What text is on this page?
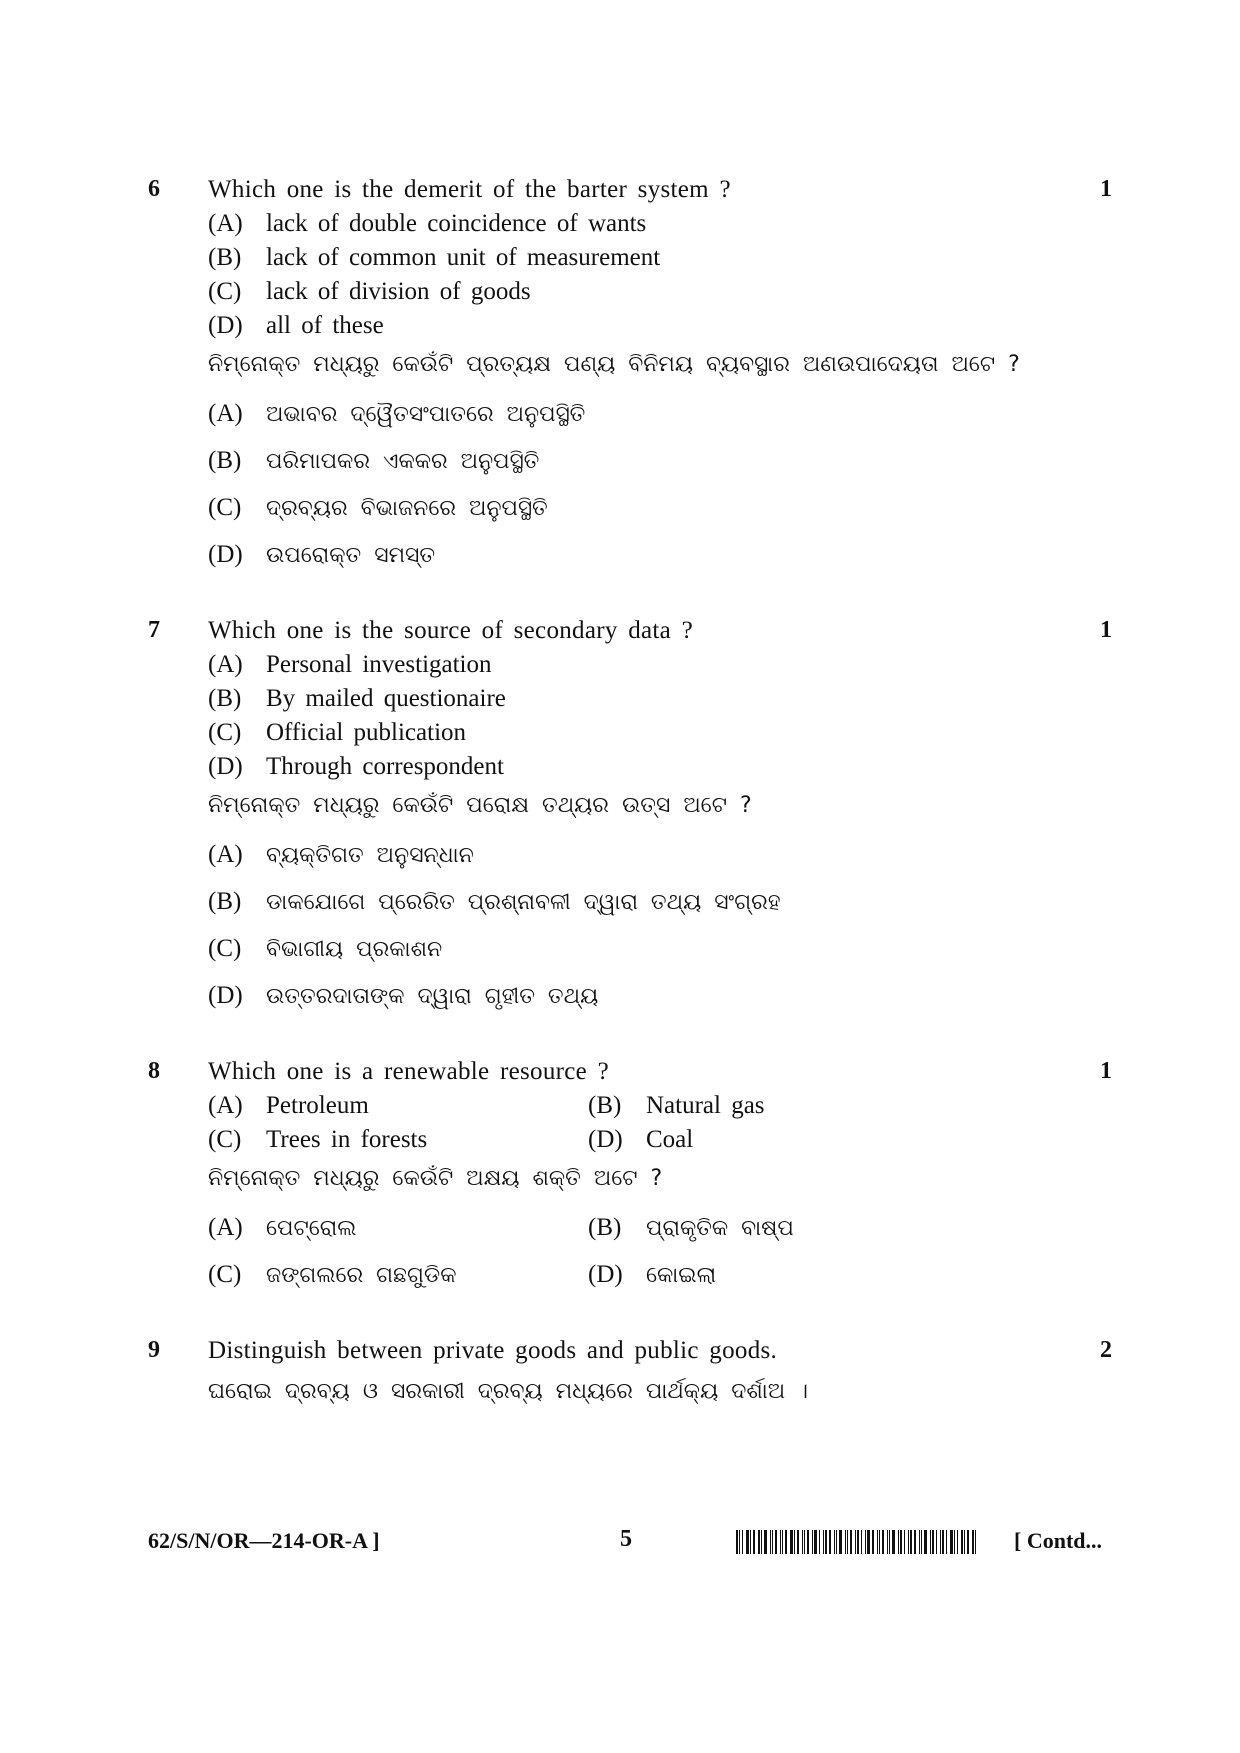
6 Which one is the demerit of the barter system ?	1
(A) lack of double coincidence of wants
(B) lack of common unit of measurement
(C) lack of division of goods
(D) all of these
ନିମ୍ନୋକ୍ତ ମଧ୍ୟରୁ କେଉଁଟି ପ୍ରତ୍ୟକ୍ଷ ପଣ୍ୟ ବିନିମୟ ବ୍ୟବସ୍ଥାର ଅଣଉପାଦେୟତା ଅଟେ ?
(A) ଅଭାବର ଦ୍ୱୈତସଂପାତରେ ଅନୁପସ୍ଥିତି
(B) ପରିମାପକର ଏକକର ଅନୁପସ୍ଥିତି
(C) ଦ୍ରବ୍ୟର ବିଭାଜନରେ ଅନୁପସ୍ଥିତି
(D) ଉପରୋକ୍ତ ସମସ୍ତ
7 Which one is the source of secondary data ?	1
(A) Personal investigation
(B) By mailed questionaire
(C) Official publication
(D) Through correspondent
ନିମ୍ନୋକ୍ତ ମଧ୍ୟରୁ କେଉଁଟି ପରୋକ୍ଷ ତଥ୍ୟର ଉତ୍ସ ଅଟେ ?
(A) ବ୍ୟକ୍ତିଗତ ଅନୁସନ୍ଧାନ
(B) ଡାକଯୋଗେ ପ୍ରେରିତ ପ୍ରଶ୍ନାବଳୀ ଦ୍ୱାରା ତଥ୍ୟ ସଂଗ୍ରହ
(C) ବିଭାଗୀୟ ପ୍ରକାଶନ
(D) ଉତ୍ତରଦାତାଙ୍କ ଦ୍ୱାରା ଗୃହୀତ ତଥ୍ୟ
8 Which one is a renewable resource ?	1
(A) Petroleum	(B) Natural gas
(C) Trees in forests	(D) Coal
ନିମ୍ନୋକ୍ତ ମଧ୍ୟରୁ କେଉଁଟି ଅକ୍ଷୟ ଶକ୍ତି ଅଟେ ?
(A) ପେଟ୍ରୋଲ	(B) ପ୍ରାକୃତିକ ବାଷ୍ପ
(C) ଜଙ୍ଗଲରେ ଗଛଗୁଡିକ	(D) କୋଇଲା
9 Distinguish between private goods and public goods.	2
ଘରୋଇ ଦ୍ରବ୍ୟ ଓ ସରକାରୀ ଦ୍ରବ୍ୟ ମଧ୍ୟରେ ପାର୍ଥକ୍ୟ ଦର୍ଶାଅ ।
62/S/N/OR—214-OR-A ]	5	[ Contd...
